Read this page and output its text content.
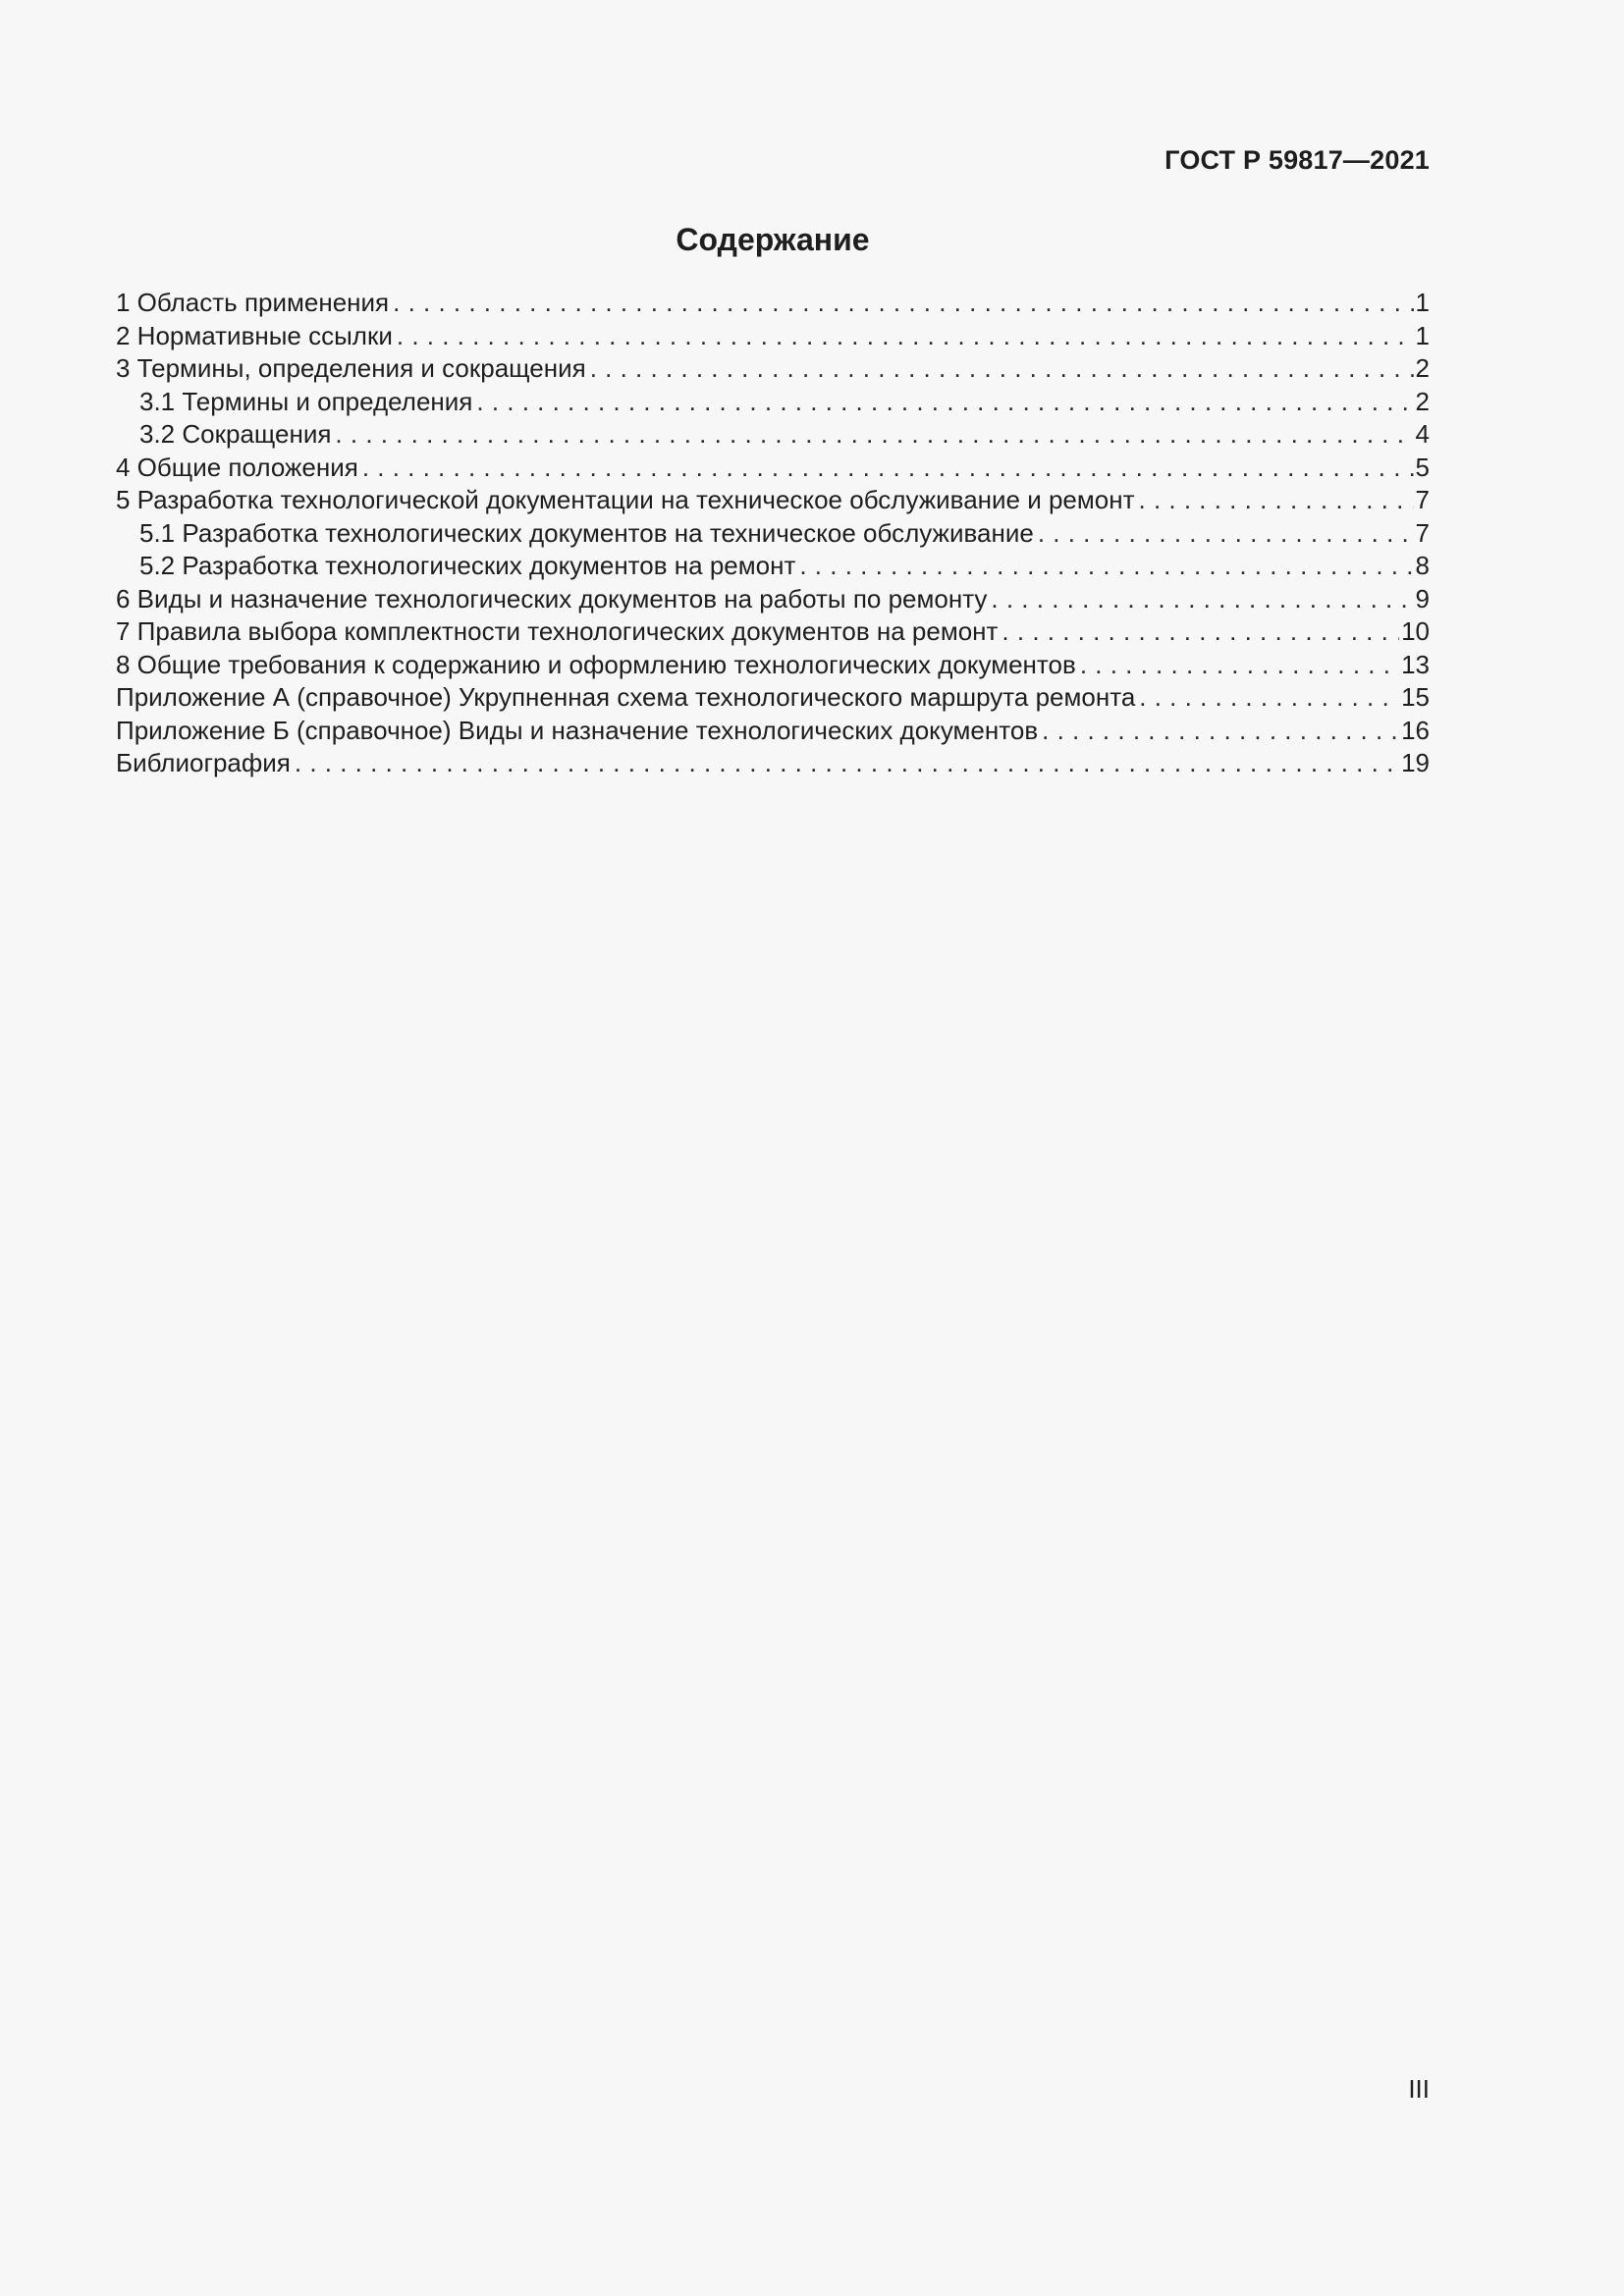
ГОСТ Р 59817—2021
Содержание
1 Область применения . . .	1
2 Нормативные ссылки . . .	1
3 Термины, определения и сокращения . . .	2
3.1 Термины и определения . . .	2
3.2 Сокращения . . .	4
4 Общие положения . . .	5
5 Разработка технологической документации на техническое обслуживание и ремонт . . .	7
5.1 Разработка технологических документов на техническое обслуживание . . .	7
5.2 Разработка технологических документов на ремонт . . .	8
6 Виды и назначение технологических документов на работы по ремонту . . .	9
7 Правила выбора комплектности технологических документов на ремонт . . .	10
8 Общие требования к содержанию и оформлению технологических документов . . .	13
Приложение А (справочное) Укрупненная схема технологического маршрута ремонта . . .	15
Приложение Б (справочное) Виды и назначение технологических документов . . .	16
Библиография . . .	19
III
